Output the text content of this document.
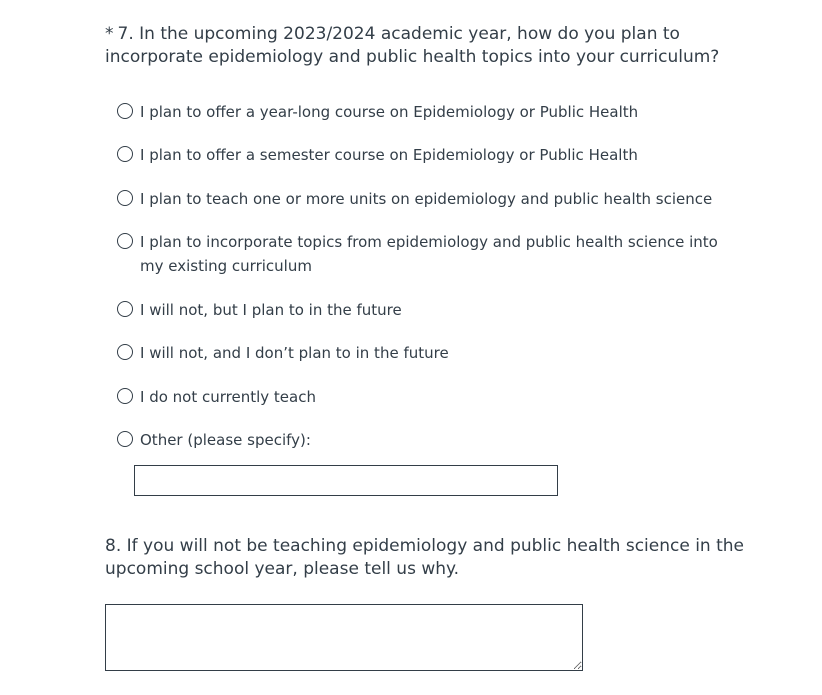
* 7. In the upcoming 2023/2024 academic year, how do you plan to incorporate epidemiology and public health topics into your curriculum?
I plan to offer a year-long course on Epidemiology or Public Health
I plan to offer a semester course on Epidemiology or Public Health
I plan to teach one or more units on epidemiology and public health science
I plan to incorporate topics from epidemiology and public health science into my existing curriculum
I will not, but I plan to in the future
I will not, and I don’t plan to in the future
I do not currently teach
Other (please specify):
8. If you will not be teaching epidemiology and public health science in the upcoming school year, please tell us why.
